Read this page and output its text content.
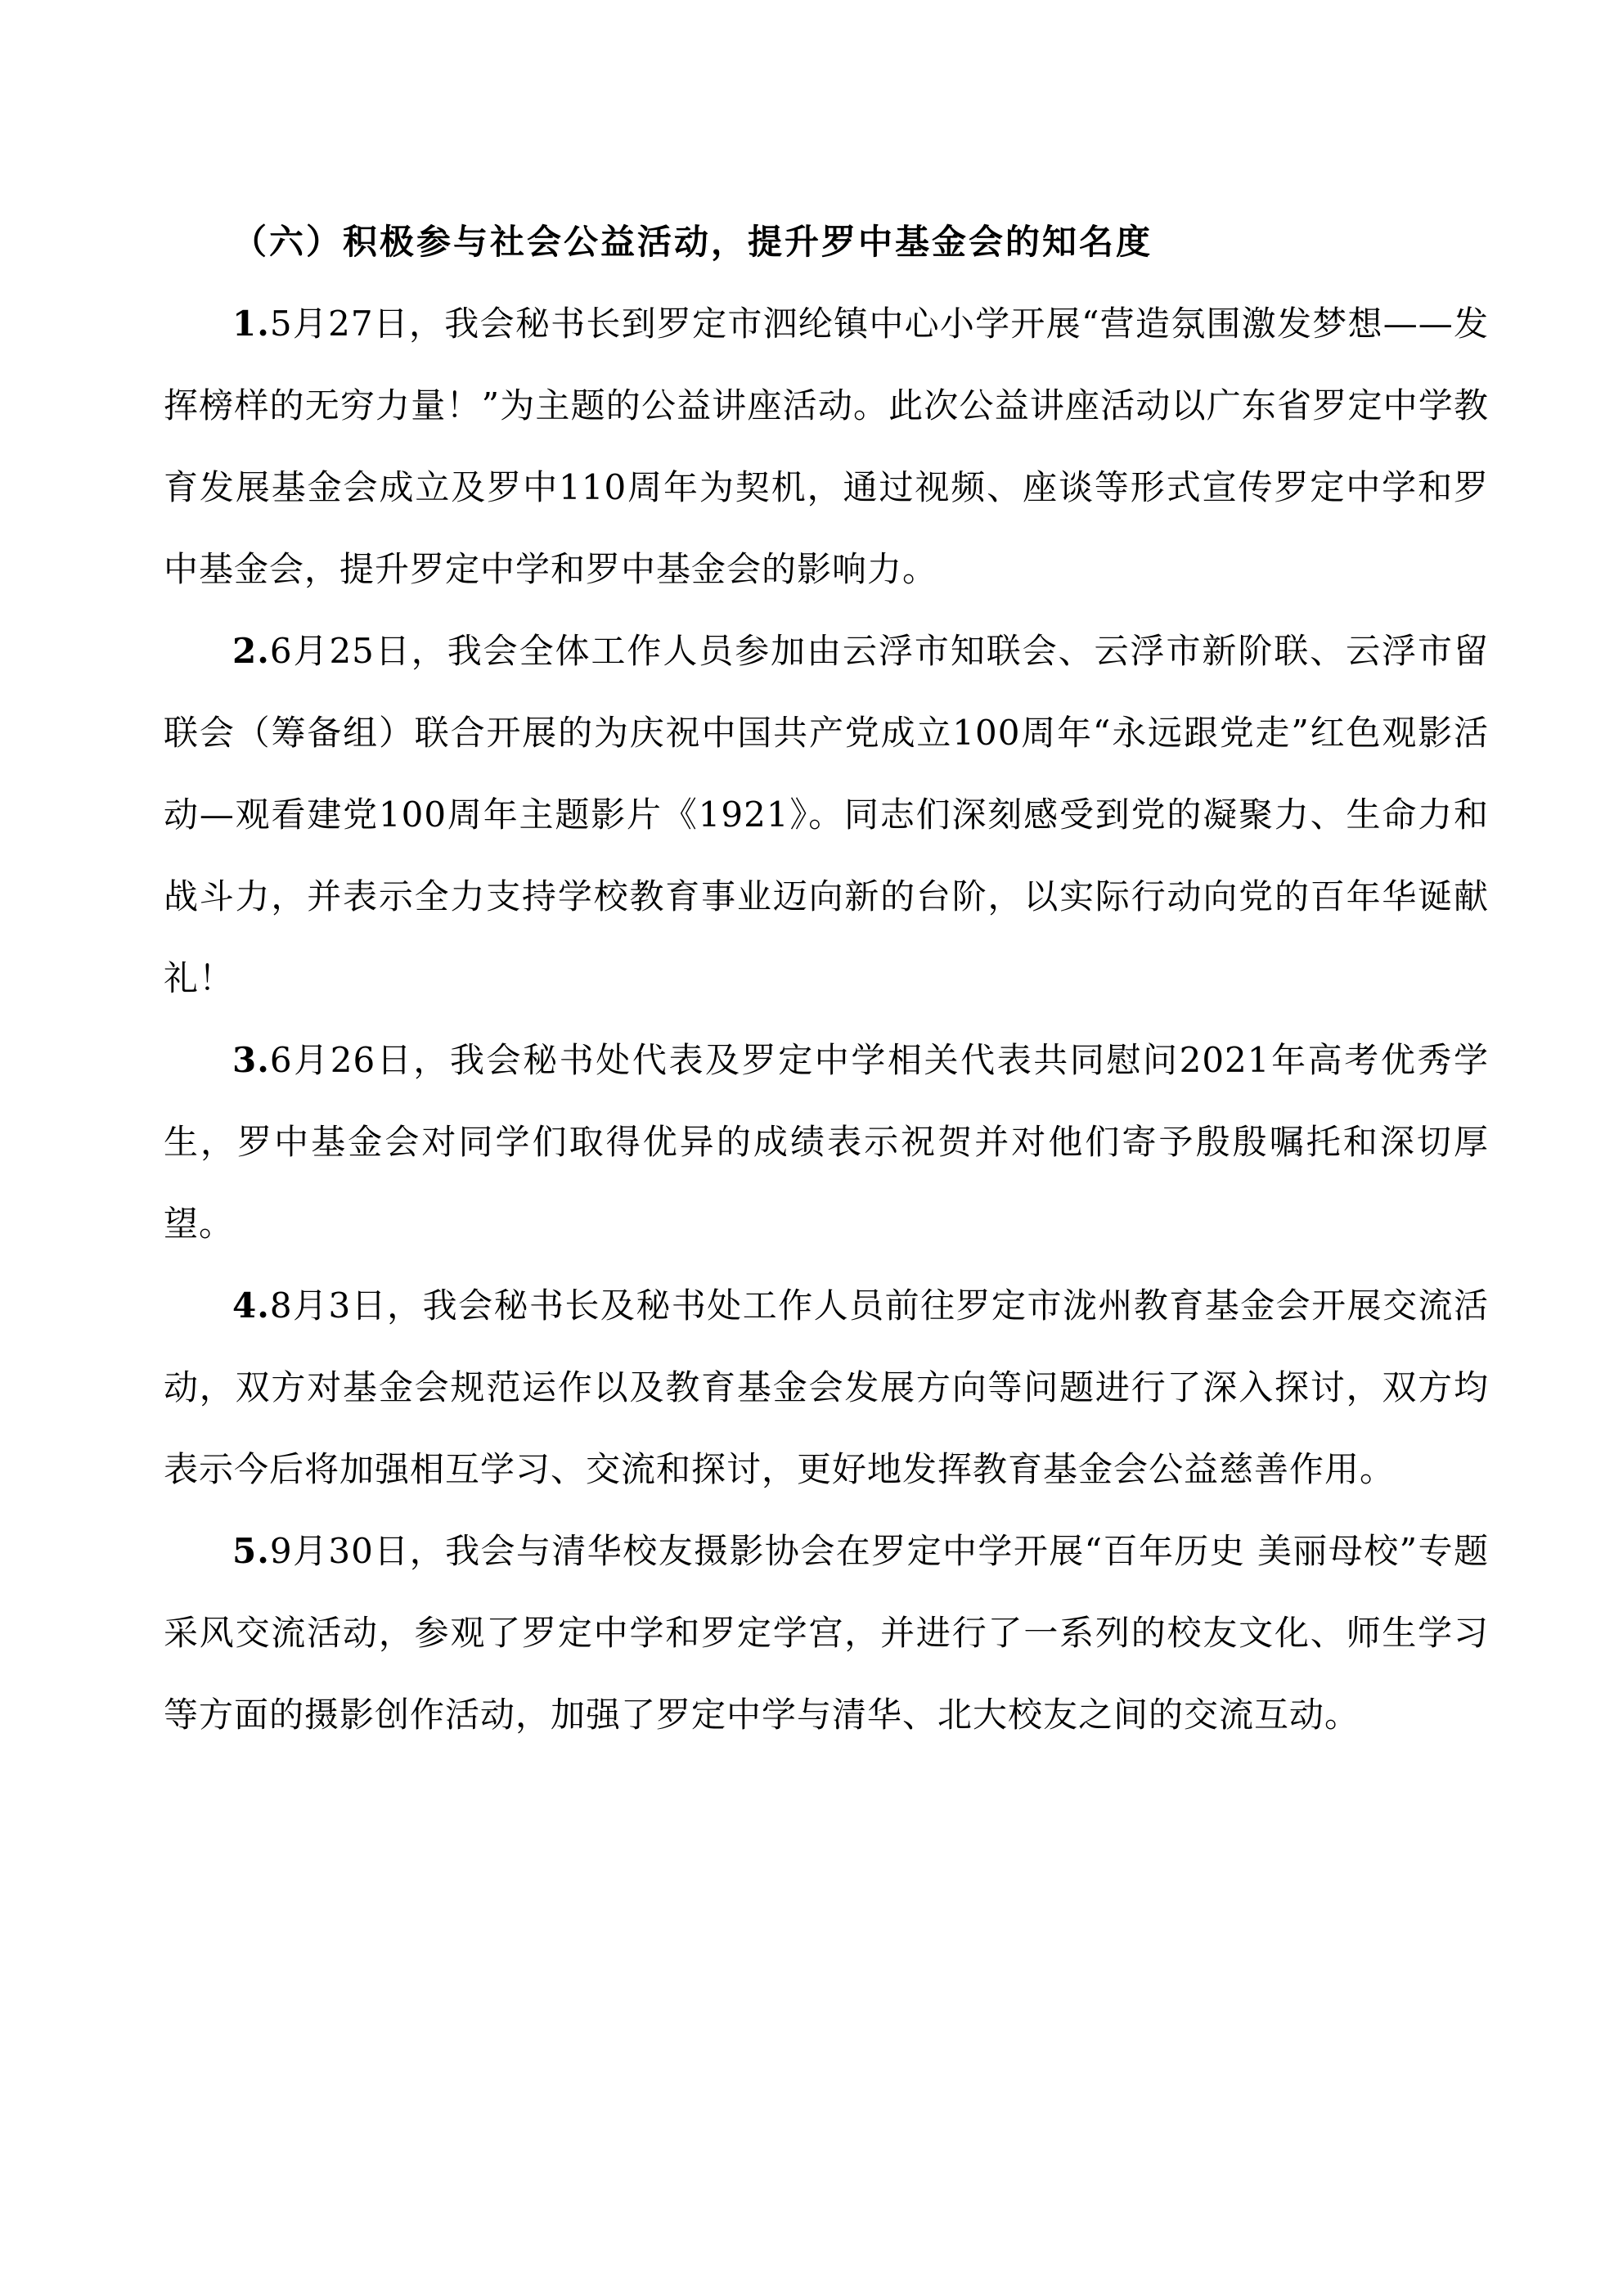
（六）积极参与社会公益活动，提升罗中基金会的知名度

1.5月27日，我会秘书长到罗定市泗纶镇中心小学开展“营造氛围激发梦想——发挥榜样的无穷力量！”为主题的公益讲座活动。此次公益讲座活动以广东省罗定中学教育发展基金会成立及罗中110周年为契机，通过视频、座谈等形式宣传罗定中学和罗中基金会，提升罗定中学和罗中基金会的影响力。

2.6月25日，我会全体工作人员参加由云浮市知联会、云浮市新阶联、云浮市留联会（筹备组）联合开展的为庆祝中国共产党成立100周年“永远跟党走”红色观影活动—观看建党100周年主题影片《1921》。同志们深刻感受到党的凝聚力、生命力和战斗力，并表示全力支持学校教育事业迈向新的台阶，以实际行动向党的百年华诞献礼！

3.6月26日，我会秘书处代表及罗定中学相关代表共同慰问2021年高考优秀学生，罗中基金会对同学们取得优异的成绩表示祝贺并对他们寄予殷殷嘱托和深切厚望。

4.8月3日，我会秘书长及秘书处工作人员前往罗定市泷州教育基金会开展交流活动，双方对基金会规范运作以及教育基金会发展方向等问题进行了深入探讨，双方均表示今后将加强相互学习、交流和探讨，更好地发挥教育基金会公益慈善作用。

5.9月30日，我会与清华校友摄影协会在罗定中学开展“百年历史 美丽母校”专题采风交流活动，参观了罗定中学和罗定学宫，并进行了一系列的校友文化、师生学习等方面的摄影创作活动，加强了罗定中学与清华、北大校友之间的交流互动。
